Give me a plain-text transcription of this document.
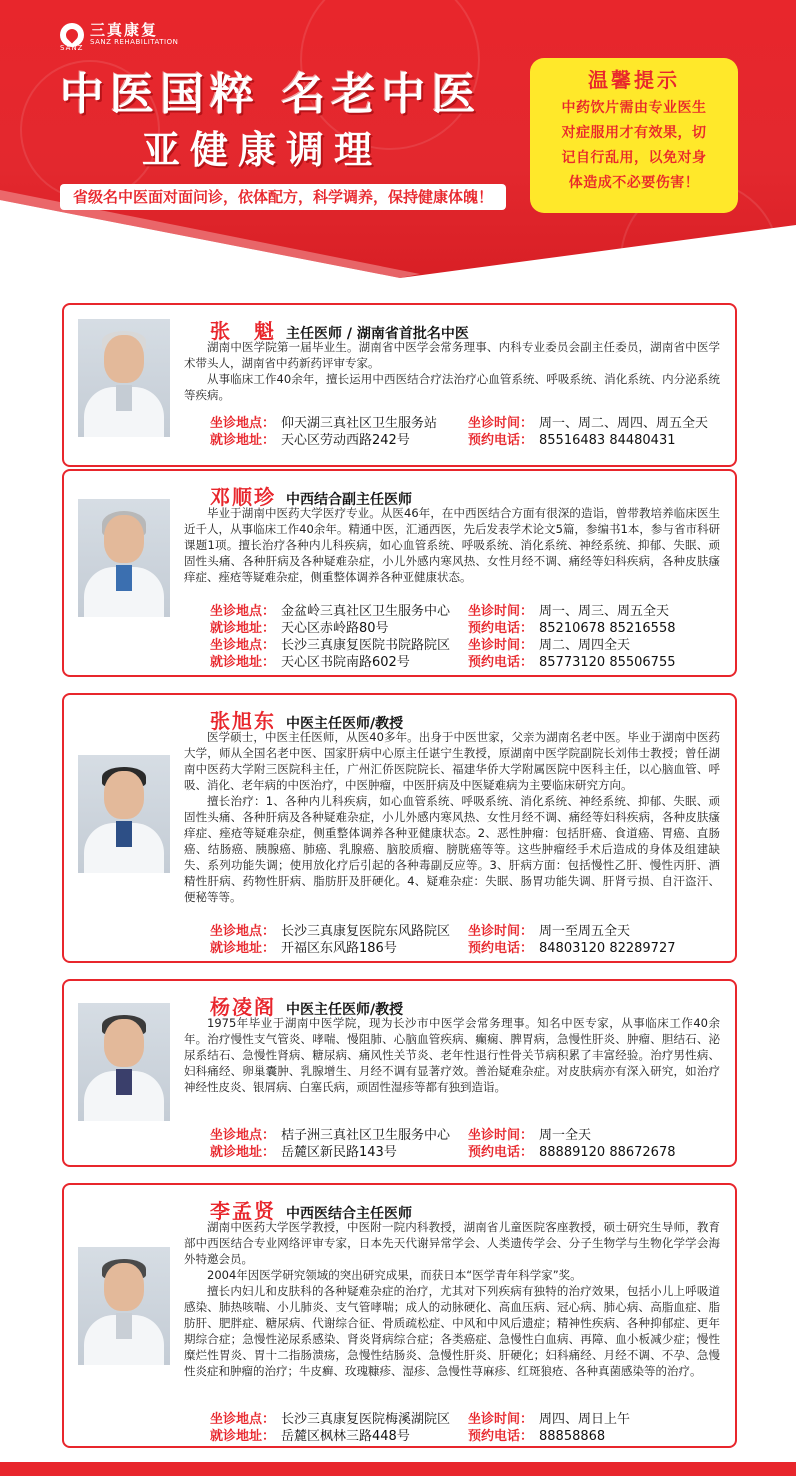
三真康复
SANZ REHABILITATION
SANZ
中医国粹 名老中医
亚健康调理
省级名中医面对面问诊，依体配方，科学调养，保持健康体魄！
温馨提示
中药饮片需由专业医生
对症服用才有效果，切
记自行乱用，以免对身
体造成不必要伤害！
张　魁 主任医师 / 湖南省首批名中医

湖南中医学院第一届毕业生。湖南省中医学会常务理事、内科专业委员会副主任委员，湖南省中医学术带头人，湖南省中药新药评审专家。

从事临床工作40余年，擅长运用中西医结合疗法治疗心血管系统、呼吸系统、消化系统、内分泌系统等疾病。

坐诊地点： 仰天湖三真社区卫生服务站 坐诊时间： 周一、周二、周四、周五全天
就诊地址： 天心区劳动西路242号	预约电话： 85516483 84480431
邓顺珍 中西结合副主任医师

毕业于湖南中医药大学医疗专业。从医46年，在中西医结合方面有很深的造诣，曾带教培养临床医生近千人，从事临床工作40余年。精通中医，汇通西医，先后发表学术论文5篇，参编书1本，参与省市科研课题1项。擅长治疗各种内儿科疾病，如心血管系统、呼吸系统、消化系统、神经系统、抑郁、失眠、顽固性头痛、各种肝病及各种疑难杂症，小儿外感内寒风热、女性月经不调、痛经等妇科疾病，各种皮肤瘙痒症、痤疮等疑难杂症，侧重整体调养各种亚健康状态。

坐诊地点： 金盆岭三真社区卫生服务中心 坐诊时间： 周一、周三、周五全天
就诊地址： 天心区赤岭路80号	预约电话： 85210678 85216558
坐诊地点： 长沙三真康复医院书院路院区 坐诊时间： 周二、周四全天
就诊地址： 天心区书院南路602号	预约电话： 85773120 85506755
张旭东 中医主任医师/教授

医学硕士，中医主任医师，从医40多年。出身于中医世家，父亲为湖南名老中医。毕业于湖南中医药大学，师从全国名老中医、国家肝病中心原主任谌宁生教授，原湖南中医学院副院长刘伟士教授；曾任湖南中医药大学附三医院科主任，广州汇侨医院院长、福建华侨大学附属医院中医科主任，以心脑血管、呼吸、消化、老年病的中医治疗，中医肿瘤，中医肝病及中医疑难病为主要临床研究方向。

擅长治疗：1、各种内儿科疾病，如心血管系统、呼吸系统、消化系统、神经系统、抑郁、失眠、顽固性头痛、各种肝病及各种疑难杂症，小儿外感内寒风热、女性月经不调、痛经等妇科疾病，各种皮肤瘙痒症、痤疮等疑难杂症，侧重整体调养各种亚健康状态。2、恶性肿瘤：包括肝癌、食道癌、胃癌、直肠癌、结肠癌、胰腺癌、肺癌、乳腺癌、脑胶质瘤、膀胱癌等等。这些肿瘤经手术后造成的身体及组建缺失、系列功能失调；使用放化疗后引起的各种毒副反应等。3、肝病方面：包括慢性乙肝、慢性丙肝、酒精性肝病、药物性肝病、脂肪肝及肝硬化。4、疑难杂症：失眠、肠胃功能失调、肝肾亏损、自汗盗汗、便秘等等。

坐诊地点： 长沙三真康复医院东风路院区 坐诊时间： 周一至周五全天
就诊地址： 开福区东风路186号	预约电话： 84803120 82289727
杨凌阁 中医主任医师/教授

1975年毕业于湖南中医学院，现为长沙市中医学会常务理事。知名中医专家，从事临床工作40余年。治疗慢性支气管炎、哮喘、慢阻肺、心脑血管疾病、癫痫、脾胃病，急慢性肝炎、肿瘤、胆结石、泌尿系结石、急慢性肾病、糖尿病、痛风性关节炎、老年性退行性骨关节病积累了丰富经验。治疗男性病、妇科痛经、卵巢囊肿、乳腺增生、月经不调有显著疗效。善治疑难杂症。对皮肤病亦有深入研究，如治疗神经性皮炎、银屑病、白塞氏病，顽固性湿疹等都有独到造诣。

坐诊地点： 桔子洲三真社区卫生服务中心 坐诊时间： 周一全天
就诊地址： 岳麓区新民路143号	预约电话： 88889120 88672678
李孟贤 中西医结合主任医师

湖南中医药大学医学教授，中医附一院内科教授，湖南省儿童医院客座教授，硕士研究生导师，教育部中西医结合专业网络评审专家，日本先天代谢异常学会、人类遗传学会、分子生物学与生物化学学会海外特邀会员。

2004年因医学研究领域的突出研究成果，而获日本“医学青年科学家”奖。

擅长内妇儿和皮肤科的各种疑难杂症的治疗，尤其对下列疾病有独特的治疗效果，包括小儿上呼吸道感染、肺热咳喘、小儿肺炎、支气管哮喘；成人的动脉硬化、高血压病、冠心病、肺心病、高脂血症、脂肪肝、肥胖症、糖尿病、代谢综合征、骨质疏松症、中风和中风后遗症；精神性疾病、各种抑郁症、更年期综合症；急慢性泌尿系感染、肾炎肾病综合症；各类癌症、急慢性白血病、再障、血小板减少症；慢性糜烂性胃炎、胃十二指肠溃疡，急慢性结肠炎、急慢性肝炎、肝硬化；妇科痛经、月经不调、不孕、急慢性炎症和肿瘤的治疗；牛皮癣、玫瑰糠疹、湿疹、急慢性荨麻疹、红斑狼疮、各种真菌感染等的治疗。

坐诊地点： 长沙三真康复医院梅溪湖院区 坐诊时间： 周四、周日上午
就诊地址： 岳麓区枫林三路448号	预约电话： 88858868
